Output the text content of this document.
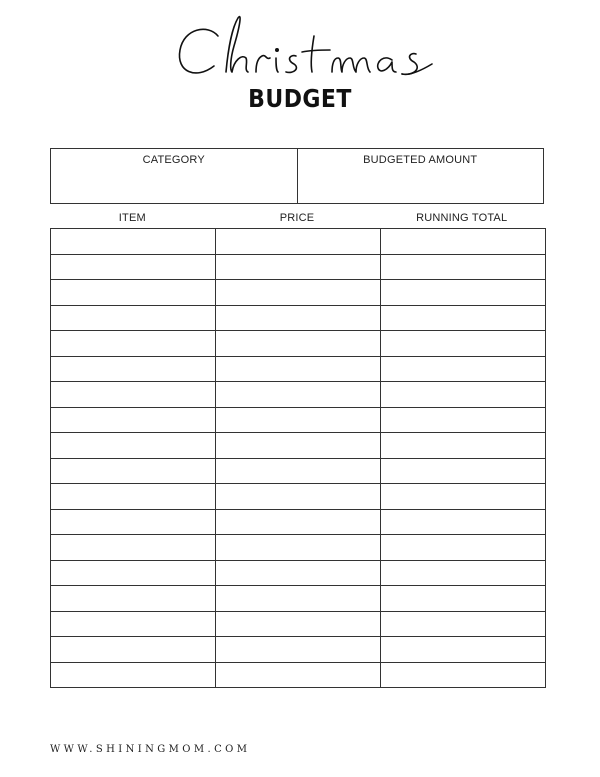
BUDGET
CATEGORY	BUDGETED AMOUNT
ITEM	PRICE	RUNNING TOTAL

WWW.SHININGMOM.COM
